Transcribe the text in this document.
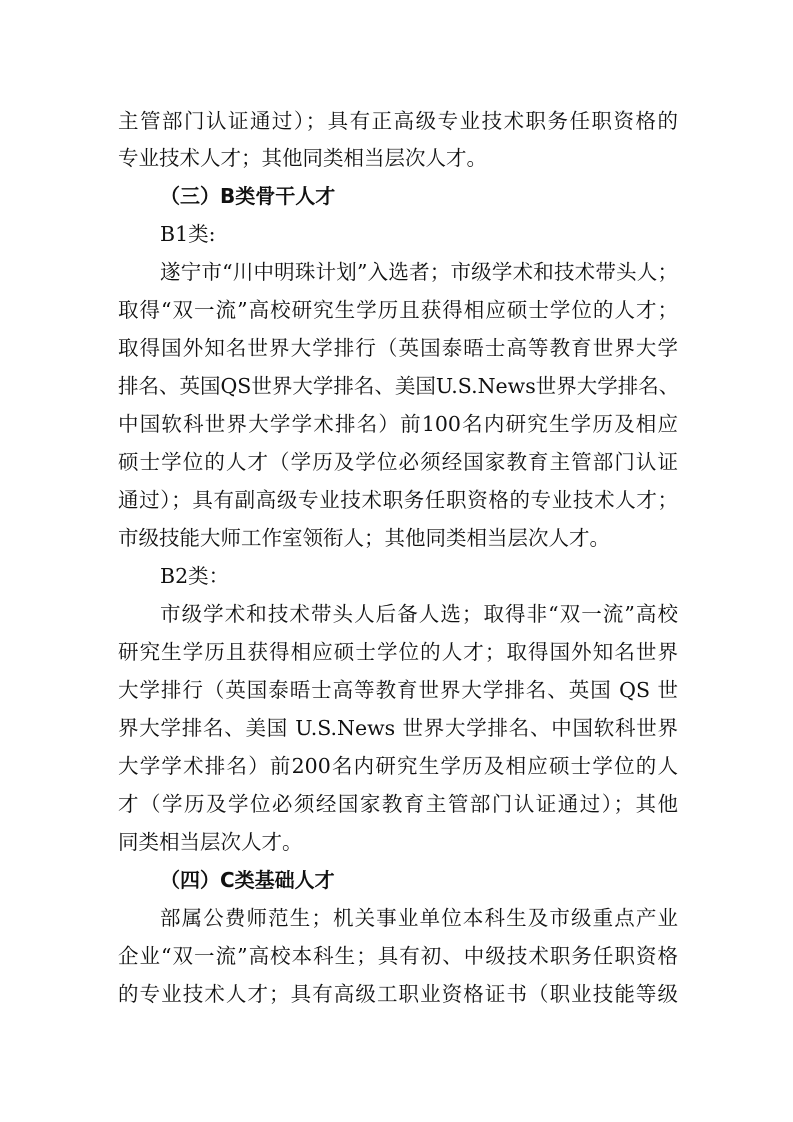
主管部门认证通过）；具有正高级专业技术职务任职资格的
专业技术人才；其他同类相当层次人才。
（三）B类骨干人才
B1类:
遂宁市“川中明珠计划”入选者；市级学术和技术带头人；
取得“双一流”高校研究生学历且获得相应硕士学位的人才；
取得国外知名世界大学排行（英国泰晤士高等教育世界大学
排名、英国QS世界大学排名、美国U.S.News世界大学排名、
中国软科世界大学学术排名）前100名内研究生学历及相应
硕士学位的人才（学历及学位必须经国家教育主管部门认证
通过）；具有副高级专业技术职务任职资格的专业技术人才；
市级技能大师工作室领衔人；其他同类相当层次人才。
B2类：
市级学术和技术带头人后备人选；取得非“双一流”高校
研究生学历且获得相应硕士学位的人才；取得国外知名世界
大学排行（英国泰晤士高等教育世界大学排名、英国 QS 世
界大学排名、美国 U.S.News 世界大学排名、中国软科世界
大学学术排名）前200名内研究生学历及相应硕士学位的人
才（学历及学位必须经国家教育主管部门认证通过）；其他
同类相当层次人才。
（四）C类基础人才
部属公费师范生；机关事业单位本科生及市级重点产业
企业“双一流”高校本科生；具有初、中级技术职务任职资格
的专业技术人才；具有高级工职业资格证书（职业技能等级
